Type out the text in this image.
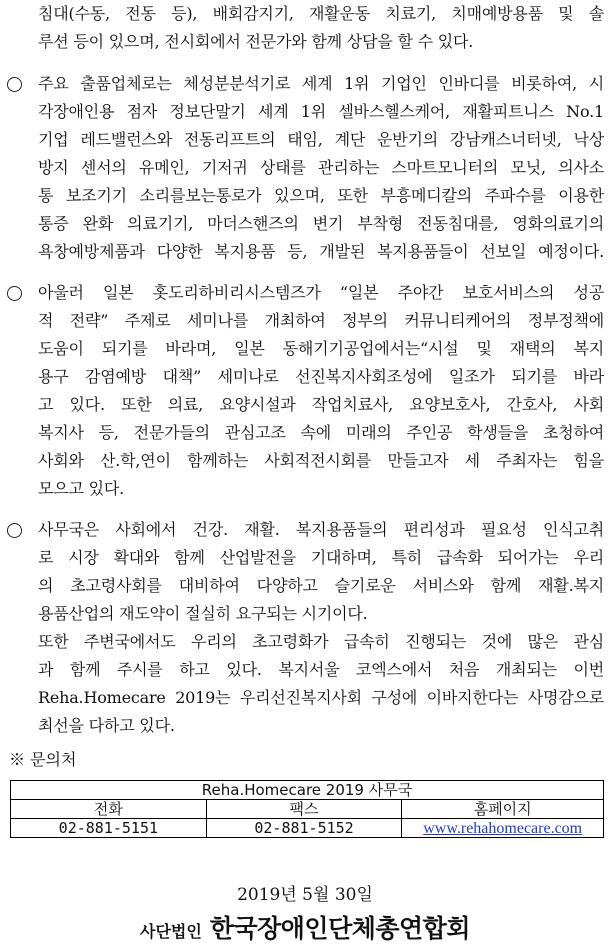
침대(수동, 전동 등), 배회감지기, 재활운동 치료기, 치매예방용품 및 솔
루션 등이 있으며, 전시회에서 전문가와 함께 상담을 할 수 있다.
주요 출품업체로는 체성분분석기로 세계 1위 기업인 인바디를 비롯하여, 시
각장애인용 점자 정보단말기 세계 1위 셀바스헬스케어, 재활피트니스 No.1
기업 레드밸런스와 전동리프트의 태임, 계단 운반기의 강남캐스너터넷, 낙상
방지 센서의 유메인, 기저귀 상태를 관리하는 스마트모니터의 모닛, 의사소
통 보조기기 소리를보는통로가 있으며, 또한 부흥메디칼의 주파수를 이용한
통증 완화 의료기기, 마더스핸즈의 변기 부착형 전동침대를, 영화의료기의
욕창예방제품과 다양한 복지용품 등, 개발된 복지용품들이 선보일 예정이다.
아울러 일본 홋도리하비리시스템즈가 “일본 주야간 보호서비스의 성공
적 전략” 주제로 세미나를 개최하여 정부의 커뮤니티케어의 정부정책에
도움이 되기를 바라며, 일본 동해기기공업에서는“시설 및 재택의 복지
용구 감염예방 대책” 세미나로 선진복지사회조성에 일조가 되기를 바라
고 있다. 또한 의료, 요양시설과 작업치료사, 요양보호사, 간호사, 사회
복지사 등, 전문가들의 관심고조 속에 미래의 주인공 학생들을 초청하여
사회와 산.학,연이 함께하는 사회적전시회를 만들고자 세 주최자는 힘을
모으고 있다.
사무국은 사회에서 건강. 재활. 복지용품들의 편리성과 필요성 인식고취
로 시장 확대와 함께 산업발전을 기대하며, 특히 급속화 되어가는 우리
의 초고령사회를 대비하여 다양하고 슬기로운 서비스와 함께 재활.복지
용품산업의 재도약이 절실히 요구되는 시기이다.
또한 주변국에서도 우리의 초고령화가 급속히 진행되는 것에 많은 관심
과 함께 주시를 하고 있다. 복지서울 코엑스에서 처음 개최되는 이번
Reha.Homecare 2019는 우리선진복지사회 구성에 이바지한다는 사명감으로
최선을 다하고 있다.
※ 문의처
Reha.Homecare 2019 사무국		
전화	팩스	홈페이지
02-881-5151	02-881-5152	www.rehahomecare.com
2019년 5월 30일
사단법인 한국장애인단체총연합회
